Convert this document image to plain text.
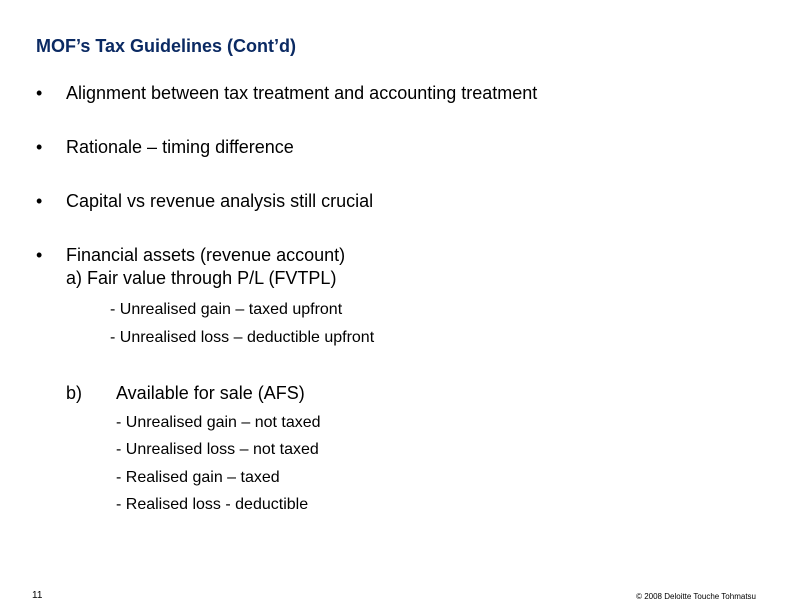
MOF’s Tax Guidelines (Cont’d)
•	Alignment between tax treatment and accounting treatment
•	Rationale – timing difference
•	Capital vs revenue analysis still crucial
•	Financial assets (revenue account)
a) Fair value through P/L (FVTPL)
- Unrealised gain – taxed upfront
- Unrealised loss – deductible upfront
b) Available for sale (AFS)
- Unrealised gain – not taxed
- Unrealised loss – not taxed
- Realised gain – taxed
- Realised loss - deductible
11	© 2008 Deloitte Touche Tohmatsu
